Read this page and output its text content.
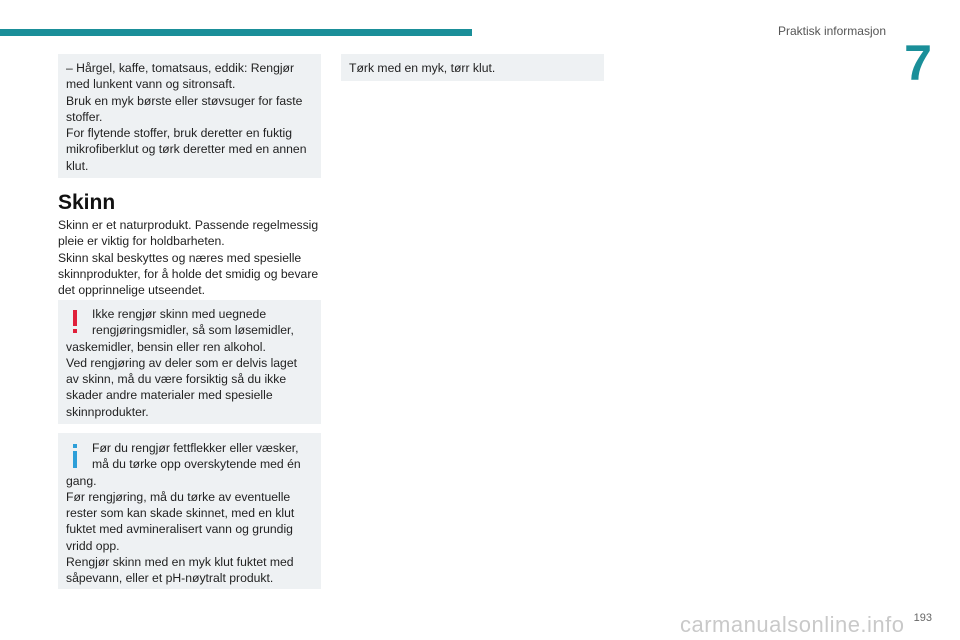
Praktisk informasjon
7

– Hårgel, kaffe, tomatsaus, eddik: Rengjør

med lunkent vann og sitronsaft.

Bruk en myk børste eller støvsuger for faste

stoffer.

For flytende stoffer, bruk deretter en fuktig

mikrofiberklut og tørk deretter med en annen

klut.

Skinn

Skinn er et naturprodukt. Passende regelmessig

pleie er viktig for holdbarheten.

Skinn skal beskyttes og næres med spesielle

skinnprodukter, for å holde det smidig og bevare

det opprinnelige utseendet.

Ikke rengjør skinn med uegnede

rengjøringsmidler, så som løsemidler,

vaskemidler, bensin eller ren alkohol.

Ved rengjøring av deler som er delvis laget

av skinn, må du være forsiktig så du ikke

skader andre materialer med spesielle

skinnprodukter.

Før du rengjør fettflekker eller væsker,

må du tørke opp overskytende med én

gang.

Før rengjøring, må du tørke av eventuelle

rester som kan skade skinnet, med en klut

fuktet med avmineralisert vann og grundig

vridd opp.

Rengjør skinn med en myk klut fuktet med

såpevann, eller et pH-nøytralt produkt.

Tørk med en myk, tørr klut.

carmanualsonline.info 193
